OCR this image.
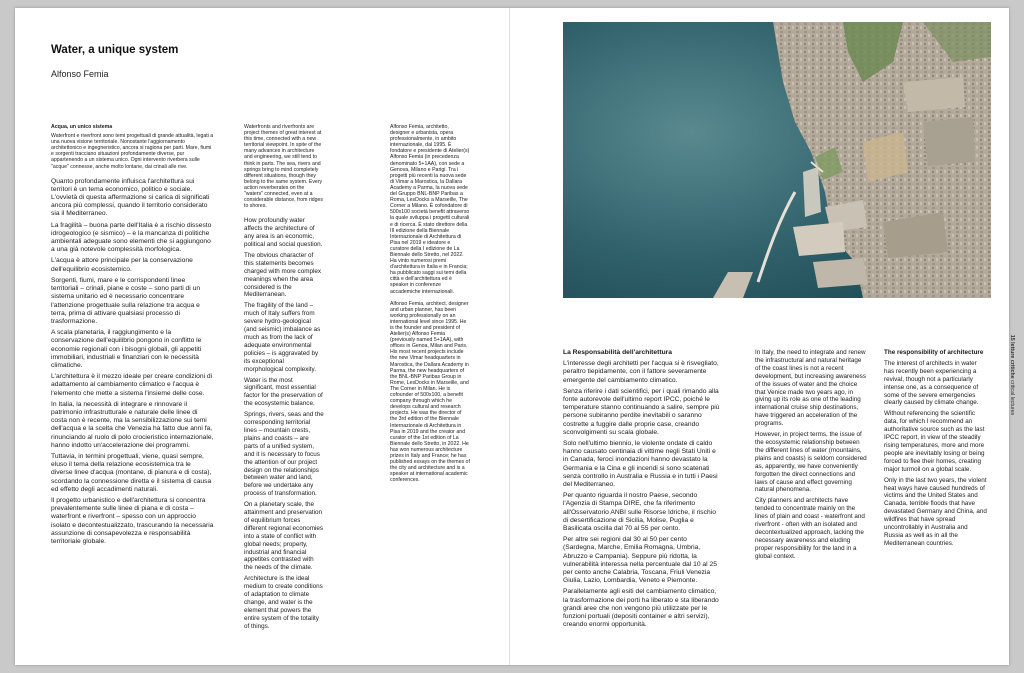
Water, a unique system
Alfonso Femia

Acqua, un unico sistema

Waterfront e riverfront sono temi progettuali di grande attualità, legati a una nuova visione territoriale. Nonostante l'aggiornamento architettonico e ingegneristico, ancora si ragiona per parti. Mare, fiumi e sorgenti tracciano situazioni profondamente diverse, pur appartenendo a un sistema unico. Ogni intervento riverbera sulle "acque" connesse, anche molto lontane, dai crinali alle rive.

Quanto profondamente influisca l'architettura sui territori è un tema economico, politico e sociale. L'ovvietà di questa affermazione si carica di significati ancora più complessi, quando il territorio considerato sia il Mediterraneo.

La fragilità – buona parte dell'Italia è a rischio dissesto idrogeologico (e sismico) – e la mancanza di politiche ambientali adeguate sono elementi che si aggiungono a una già notevole complessità morfologica.

L'acqua è attore principale per la conservazione dell'equilibrio ecosistemico.

Sorgenti, fiumi, mare e le corrispondenti linee territoriali – crinali, piane e coste – sono parti di un sistema unitario ed è necessario concentrare l'attenzione progettuale sulla relazione tra acqua e terra, prima di attivare qualsiasi processo di trasformazione.

A scala planetaria, il raggiungimento e la conservazione dell'equilibrio pongono in conflitto le economie regionali con i bisogni globali, gli appetiti immobiliari, industriali e finanziari con le necessità climatiche.

L'architettura è il mezzo ideale per creare condizioni di adattamento al cambiamento climatico e l'acqua è l'elemento che mette a sistema l'insieme delle cose.

In Italia, la necessità di integrare e rinnovare il patrimonio infrastrutturale e naturale delle linee di costa non è recente, ma la sensibilizzazione sui temi dell'acqua e la scelta che Venezia ha fatto due anni fa, rinunciando al ruolo di polo crocieristico internazionale, hanno indotto un'accelerazione dei programmi.

Tuttavia, in termini progettuali, viene, quasi sempre, eluso il tema della relazione ecosistemica tra le diverse linee d'acqua (montane, di pianura e di costa), scordando la connessione diretta e il sistema di causa ed effetto degli accadimenti naturali.

Il progetto urbanistico e dell'architettura si concentra prevalentemente sulle linee di piana e di costa – waterfront e riverfront – spesso con un approccio isolato e decontestualizzato, trascurando la necessaria assunzione di consapevolezza e responsabilità territoriale globale.

Waterfronts and riverfronts are project themes of great interest at this time, connected with a new territorial viewpoint. In spite of the many advances in architecture and engineering, we still tend to think in parts. The sea, rivers and springs bring to mind completely different situations, though they belong to the same system. Every action reverberates on the "waters" connected, even at a considerable distance, from ridges to shores.

How profoundly water affects the architecture of any area is an economic, political and social question.

The obvious character of this statements becomes charged with more complex meanings when the area considered is the Mediterranean.

The fragility of the land – much of Italy suffers from severe hydro-geological (and seismic) imbalance as much as from the lack of adequate environmental policies – is aggravated by its exceptional morphological complexity.

Water is the most significant, most essential factor for the preservation of the ecosystemic balance.

Springs, rivers, seas and the corresponding territorial lines – mountain crests, plains and coasts – are parts of a unified system, and it is necessary to focus the attention of our project design on the relationships between water and land, before we undertake any process of transformation.

On a planetary scale, the attainment and preservation of equilibrium forces different regional economies into a state of conflict with global needs; property, industrial and financial appetites contrasted with the needs of the climate.

Architecture is the ideal medium to create conditions of adaptation to climate change, and water is the element that powers the entire system of the totality of things.

Alfonso Femia, architetto, designer e urbanista, opera professionalmente, in ambito internazionale, dal 1995. È fondatore e presidente di Atelier(s) Alfonso Femia (in precedenza denominato 5+1AA), con sede a Genova, Milano e Parigi. Tra i progetti più recenti la nuova sede di Vimar a Marostica, la Dallara Academy a Parma, la nuova sede del Gruppo BNL-BNP Paribas a Roma, LesDocks a Marseille, The Corner a Milano. È cofondatore di 500x100 società benefit attraverso la quale sviluppa i progetti culturali e di ricerca. È stato direttore della III edizione della Biennale Internazionale di Architettura di Pisa nel 2019 e ideatore e curatore della I edizione de La Biennale dello Stretto, nel 2022. Ha vinto numerosi premi d'architettura in Italia e in Francia; ha pubblicato saggi sui temi della città e dell'architettura ed è speaker in conferenze accademiche internazionali.

Alfonso Femia, architect, designer and urban planner, has been working professionally on an international level since 1995. He is the founder and president of Atelier(s) Alfonso Femia (previously named 5+1AA), with offices in Genoa, Milan and Paris. His most recent projects include the new Vimar headquarters in Marostica, the Dallara Academy in Parma, the new headquarters of the BNL-BNP Paribas Group in Rome, LesDocks in Marseille, and The Corner in Milan. He is cofounder of 500x100, a benefit company through which he develops cultural and research projects. He was the director of the 3rd edition of the Biennale Internazionale di Architettura in Pisa in 2019 and the creator and curator of the 1st edition of La Biennale dello Stretto, in 2022. He has won numerous architecture prizes in Italy and France; he has published essays on the themes of the city and architecture and is a speaker at international academic conferences.

La Responsabilità dell'architettura

L'interesse degli architetti per l'acqua si è risvegliato, peraltro tiepidamente, con il fattore severamente emergente del cambiamento climatico.

Senza riferire i dati scientifici, per i quali rimando alla fonte autorevole dell'ultimo report IPCC, poiché le temperature stanno continuando a salire, sempre più persone subiranno perdite inevitabili o saranno costrette a fuggire dalle proprie case, creando sconvolgimenti su scala globale.

Solo nell'ultimo biennio, le violente ondate di caldo hanno causato centinaia di vittime negli Stati Uniti e in Canada, feroci inondazioni hanno devastato la Germania e la Cina e gli incendi si sono scatenati senza controllo in Australia e Russia e in tutti i Paesi del Mediterraneo.

Per quanto riguarda il nostro Paese, secondo l'Agenzia di Stampa DIRE, che fa riferimento all'Osservatorio ANBI sulle Risorse Idriche, il rischio di desertificazione di Sicilia, Molise, Puglia e Basilicata oscilla dal 70 al 55 per cento.

Per altre sei regioni dal 30 al 50 per cento (Sardegna, Marche, Emilia Romagna, Umbria, Abruzzo e Campania). Seppure più ridotta, la vulnerabilità interessa nella percentuale dal 10 al 25 per cento anche Calabria, Toscana, Friuli Venezia Giulia, Lazio, Lombardia, Veneto e Piemonte.

Parallelamente agli esiti del cambiamento climatico, la trasformazione dei porti ha liberato e sta liberando grandi aree che non vengono più utilizzate per le funzioni portuali (depositi container e altri servizi), creando enormi opportunità.

In Italy, the need to integrate and renew the infrastructural and natural heritage of the coast lines is not a recent development, but increasing awareness of the issues of water and the choice that Venice made two years ago, in giving up its role as one of the leading international cruise ship destinations, have triggered an acceleration of the programs.

However, in project terms, the issue of the ecosystemic relationship between the different lines of water (mountains, plains and coasts) is seldom considered as, apparently, we have conveniently forgotten the direct connections and laws of cause and effect governing natural phenomena.

City planners and architects have tended to concentrate mainly on the lines of plain and coast - waterfront and riverfront - often with an isolated and decontextualized approach, lacking the necessary awareness and eluding proper responsibility for the land in a global context.

The responsibility of architecture

The interest of architects in water has recently been experiencing a revival, though not a particularly intense one, as a consequence of some of the severe emergencies clearly caused by climate change.

Without referencing the scientific data, for which I recommend an authoritative source such as the last IPCC report, in view of the steadily rising temperatures, more and more people are inevitably losing or being forced to flee their homes, creating major turmoil on a global scale.

Only in the last two years, the violent heat ways have caused hundreds of victims and the United States and Canada, terrible floods that have devastated Germany and China, and wildfires that have spread uncontrollably in Australia and Russia as well as in all the Mediterranean countries.

15 letture critiche critical lectures
